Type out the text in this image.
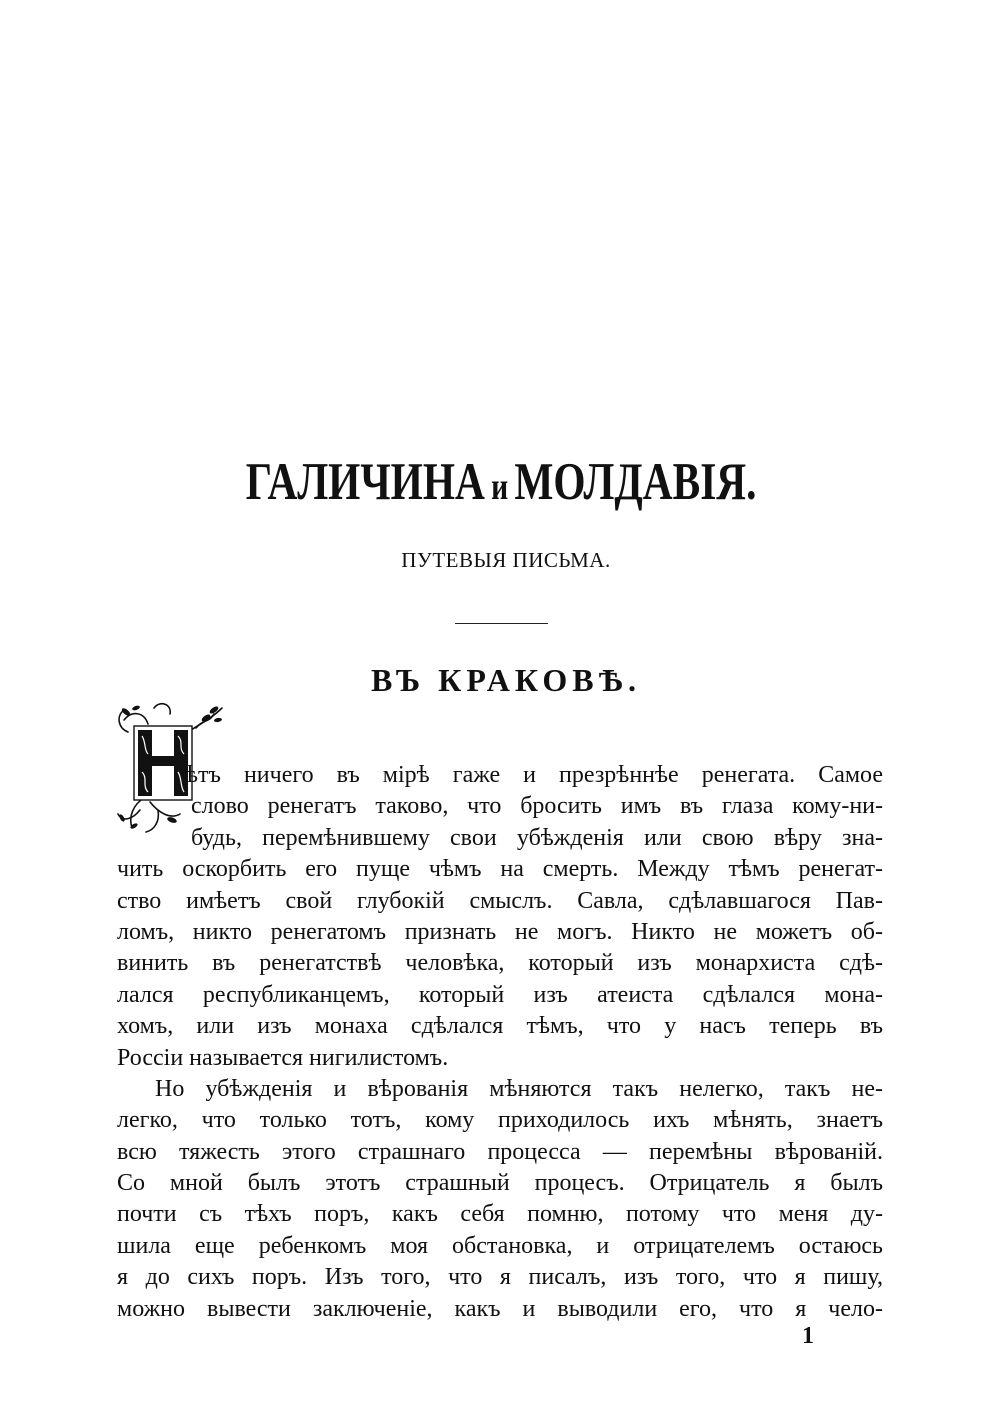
ГАЛИЧИНА и МОЛДАВІЯ.
ПУТЕВЫЯ ПИСЬМА.
ВЪ КРАКОВѢ.
Н
ѣтъ ничего въ мірѣ гаже и презрѣннѣе ренегата. Самое
слово ренегатъ таково, что бросить имъ въ глаза кому-ни-
будь, перемѣнившему свои убѣжденія или свою вѣру зна-
чить оскорбить его пуще чѣмъ на смерть. Между тѣмъ ренегат-
ство имѣетъ свой глубокій смыслъ. Савла, сдѣлавшагося Пав-
ломъ, никто ренегатомъ признать не могъ. Никто не можетъ об-
винить въ ренегатствѣ человѣка, который изъ монархиста сдѣ-
лался республиканцемъ, который изъ атеиста сдѣлался мона-
хомъ, или изъ монаха сдѣлался тѣмъ, что у насъ теперь въ
Россіи называется нигилистомъ.
Но убѣжденія и вѣрованія мѣняются такъ нелегко, такъ не-
легко, что только тотъ, кому приходилось ихъ мѣнять, знаетъ
всю тяжесть этого страшнаго процесса — перемѣны вѣрованій.
Со мной былъ этотъ страшный процесъ. Отрицатель я былъ
почти съ тѣхъ поръ, какъ себя помню, потому что меня ду-
шила еще ребенкомъ моя обстановка, и отрицателемъ остаюсь
я до сихъ поръ. Изъ того, что я писалъ, изъ того, что я пишу,
можно вывести заключеніе, какъ и выводили его, что я чело-
1
